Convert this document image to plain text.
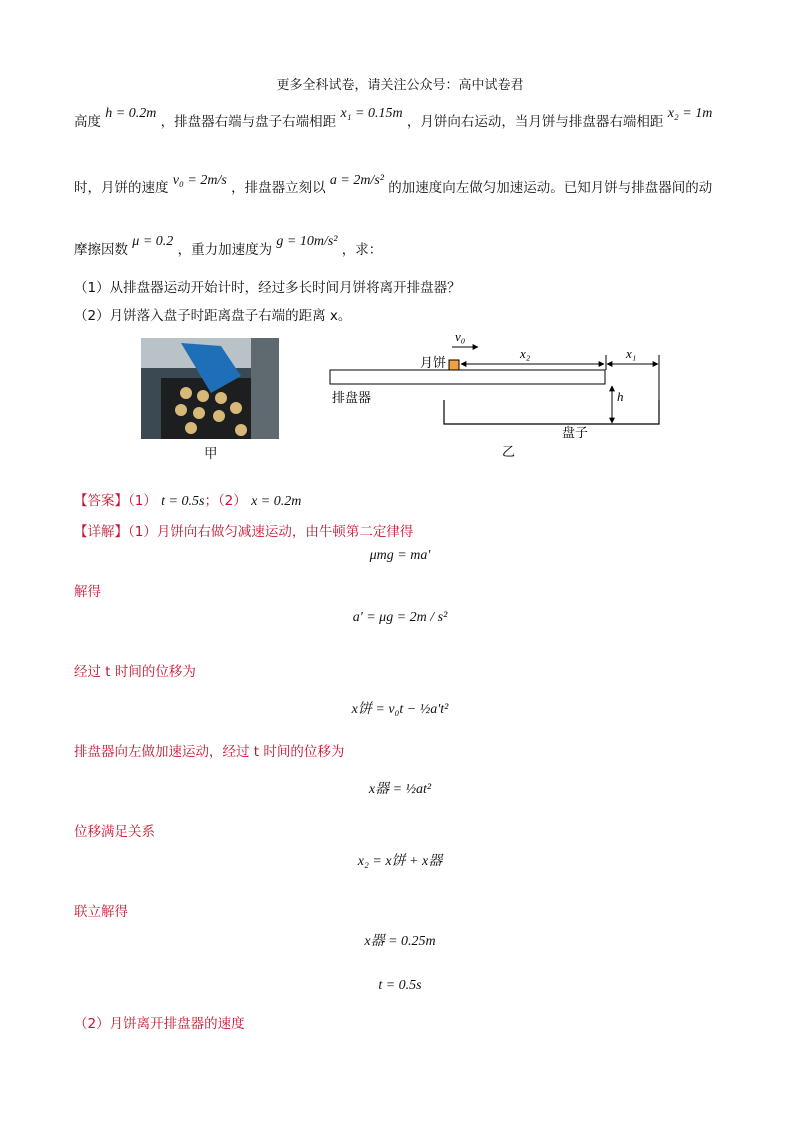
更多全科试卷，请关注公众号：高中试卷君
高度 h = 0.2m ，排盘器右端与盘子右端相距 x₁ = 0.15m ，月饼向右运动，当月饼与排盘器右端相距 x₂ = 1m
时，月饼的速度 v₀ = 2m/s ，排盘器立刻以 a = 2m/s² 的加速度向左做匀加速运动。已知月饼与排盘器间的动
摩擦因数 μ = 0.2 ，重力加速度为 g = 10m/s² ，求：
（1）从排盘器运动开始计时，经过多长时间月饼将离开排盘器？
（2）月饼落入盘子时距离盘子右端的距离 x。
甲
v₀
月饼
x₂	x₁
h
排盘器
盘子
乙
【答案】（1） t = 0.5s；（2） x = 0.2m
【详解】（1）月饼向右做匀减速运动，由牛顿第二定律得
μmg = ma'
解得
a' = μg = 2m / s²
经过 t 时间的位移为
x饼 = v₀t − ½a't²
排盘器向左做加速运动，经过 t 时间的位移为
x器 = ½at²
位移满足关系
x₂ = x饼 + x器
联立解得
x器 = 0.25m
t = 0.5s
（2）月饼离开排盘器的速度
